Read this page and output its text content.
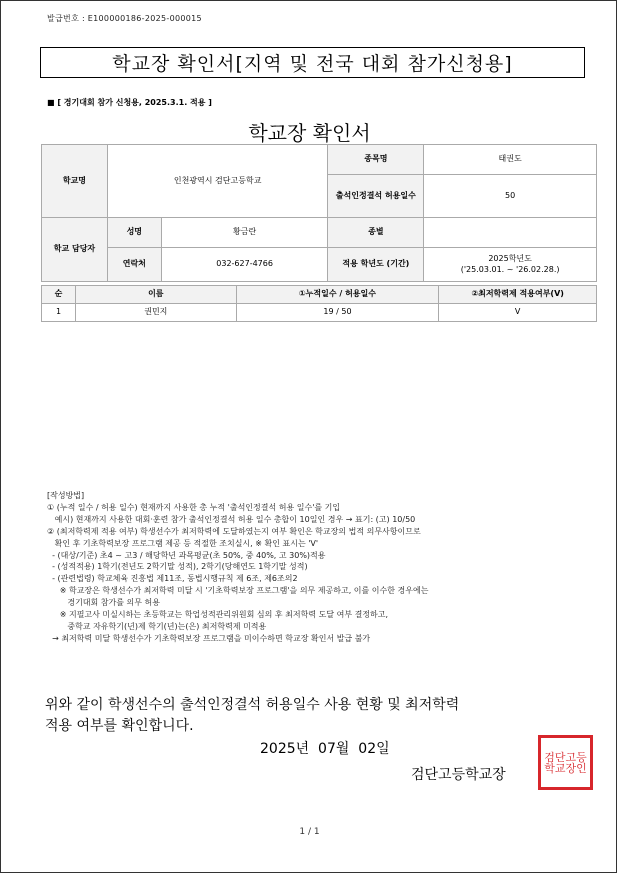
발급번호 : E100000186-2025-000015
학교장 확인서[지역 및 전국 대회 참가신청용]
■ [ 경기대회 참가 신청용, 2025.3.1. 적용 ]
학교장 확인서
학교명	인천광역시 검단고등학교		종목명	태권도
			출석인정결석 허용일수	50
학교 담당자	성명	황금란	종별	
	연락처	032-627-4766	적용 학년도 (기간)	2025학년도
('25.03.01. ~ '26.02.28.)
순	이름	①누적일수 / 허용일수	②최저학력제 적용여부(V)
1	권민지	19 / 50	V
[작성방법]
① (누적 일수 / 허용 일수) 현재까지 사용한 총 누적 '출석인정결석 허용 일수'를 기입
예시) 현재까지 사용한 대회·훈련 참가 출석인정결석 허용 일수 총합이 10일인 경우 → 표기: (고) 10/50
② (최저학력제 적용 여부) 학생선수가 최저학력에 도달하였는지 여부 확인은 학교장의 법적 의무사항이므로
확인 후 기초학력보장 프로그램 제공 등 적절한 조치실시, ※ 확인 표시는 'V'
- (대상/기준) 초4 ~ 고3 / 해당학년 과목평균(초 50%, 중 40%, 고 30%)적용
- (성적적용) 1학기(전년도 2학기말 성적), 2학기(당해연도 1학기말 성적)
- (관련법령) 학교체육 진흥법 제11조, 동법시행규칙 제 6조, 제6조의2
※ 학교장은 학생선수가 최저학력 미달 시 '기초학력보장 프로그램'을 의무 제공하고, 이를 이수한 경우에는
경기대회 참가를 의무 허용
※ 지필고사 미실시하는 초등학교는 학업성적관리위원회 심의 후 최저학력 도달 여부 결정하고,
중학교 자유학기(년)제 학기(년)는(은) 최저학력제 미적용
→ 최저학력 미달 학생선수가 기초학력보장 프로그램을 미이수하면 학교장 확인서 발급 불가
위와 같이 학생선수의 출석인정결석 허용일수 사용 현황 및 최저학력
적용 여부를 확인합니다.
2025년  07월  02일
검단고등학교장
검단고등
학교장인
1 / 1
